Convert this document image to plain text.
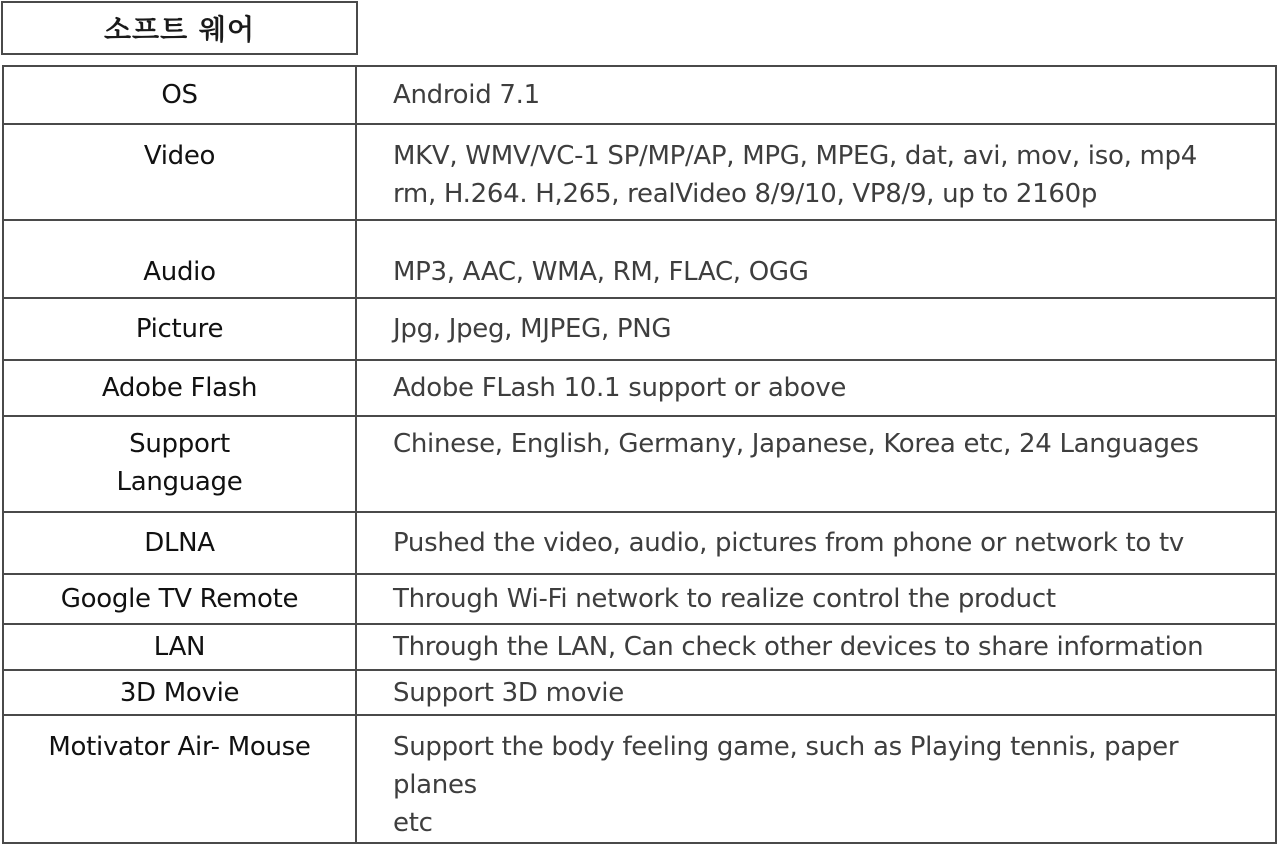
소프트 웨어
OS	Android 7.1

Video	MKV, WMV/VC-1 SP/MP/AP, MPG, MPEG, dat, avi, mov, iso, mp4
rm, H.264. H,265, realVideo 8/9/10, VP8/9, up to 2160p

Audio	MP3, AAC, WMA, RM, FLAC, OGG

Picture	Jpg, Jpeg, MJPEG, PNG

Adobe Flash	Adobe FLash 10.1 support or above

Support
Language	Chinese, English, Germany, Japanese, Korea etc, 24 Languages

DLNA	Pushed the video, audio, pictures from phone or network to tv

Google TV Remote	Through Wi-Fi network to realize control the product

LAN	Through the LAN, Can check other devices to share information

3D Movie	Support 3D movie

Motivator Air- Mouse	Support the body feeling game, such as Playing tennis, paper planes
etc
